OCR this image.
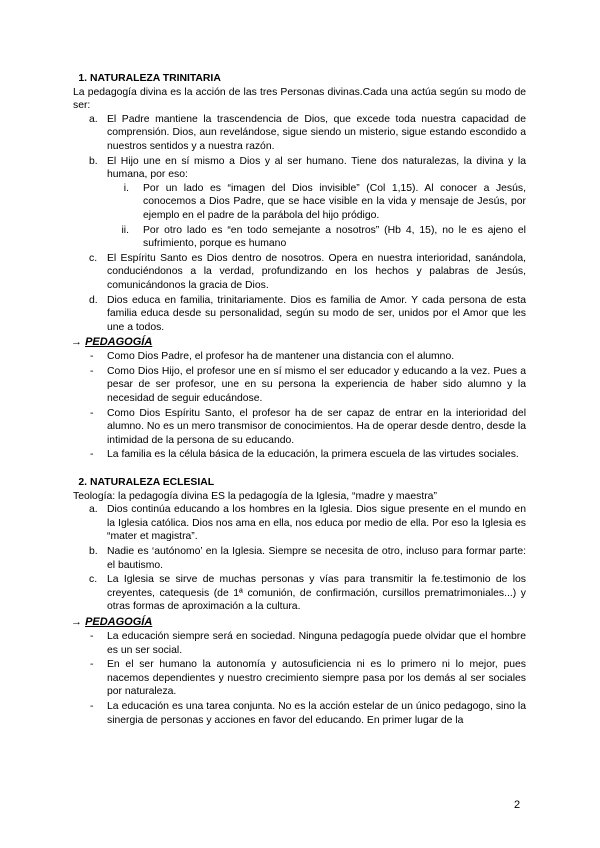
1. NATURALEZA TRINITARIA

La pedagogía divina es la acción de las tres Personas divinas.Cada una actúa según su modo de ser:

a. El Padre mantiene la trascendencia de Dios, que excede toda nuestra capacidad de comprensión. Dios, aun revelándose, sigue siendo un misterio, sigue estando escondido a nuestros sentidos y a nuestra razón.
b. El Hijo une en sí mismo a Dios y al ser humano. Tiene dos naturalezas, la divina y la humana, por eso:
i. Por un lado es “imagen del Dios invisible” (Col 1,15). Al conocer a Jesús, conocemos a Dios Padre, que se hace visible en la vida y mensaje de Jesús, por ejemplo en el padre de la parábola del hijo pródigo.
ii. Por otro lado es “en todo semejante a nosotros” (Hb 4, 15), no le es ajeno el sufrimiento, porque es humano
c. El Espíritu Santo es Dios dentro de nosotros. Opera en nuestra interioridad, sanándola, conduciéndonos a la verdad, profundizando en los hechos y palabras de Jesús, comunicándonos la gracia de Dios.
d. Dios educa en familia, trinitariamente. Dios es familia de Amor. Y cada persona de esta familia educa desde su personalidad, según su modo de ser, unidos por el Amor que les une a todos.
→ PEDAGOGÍA
- Como Dios Padre, el profesor ha de mantener una distancia con el alumno.
- Como Dios Hijo, el profesor une en sí mismo el ser educador y educando a la vez. Pues a pesar de ser profesor, une en su persona la experiencia de haber sido alumno y la necesidad de seguir educándose.
- Como Dios Espíritu Santo, el profesor ha de ser capaz de entrar en la interioridad del alumno. No es un mero transmisor de conocimientos. Ha de operar desde dentro, desde la intimidad de la persona de su educando.
- La familia es la célula básica de la educación, la primera escuela de las virtudes sociales.
2. NATURALEZA ECLESIAL

Teología: la pedagogía divina ES la pedagogía de la Iglesia, “madre y maestra”

a. Dios continúa educando a los hombres en la Iglesia. Dios sigue presente en el mundo en la Iglesia católica. Dios nos ama en ella, nos educa por medio de ella. Por eso la Iglesia es “mater et magistra”.
b. Nadie es ‘autónomo’ en la Iglesia. Siempre se necesita de otro, incluso para formar parte: el bautismo.
c. La Iglesia se sirve de muchas personas y vías para transmitir la fe.testimonio de los creyentes, catequesis (de 1ª comunión, de confirmación, cursillos prematrimoniales...) y otras formas de aproximación a la cultura.
→ PEDAGOGÍA
- La educación siempre será en sociedad. Ninguna pedagogía puede olvidar que el hombre es un ser social.
- En el ser humano la autonomía y autosuficiencia ni es lo primero ni lo mejor, pues nacemos dependientes y nuestro crecimiento siempre pasa por los demás al ser sociales por naturaleza.
- La educación es una tarea conjunta. No es la acción estelar de un único pedagogo, sino la sinergia de personas y acciones en favor del educando. En primer lugar de la
2
